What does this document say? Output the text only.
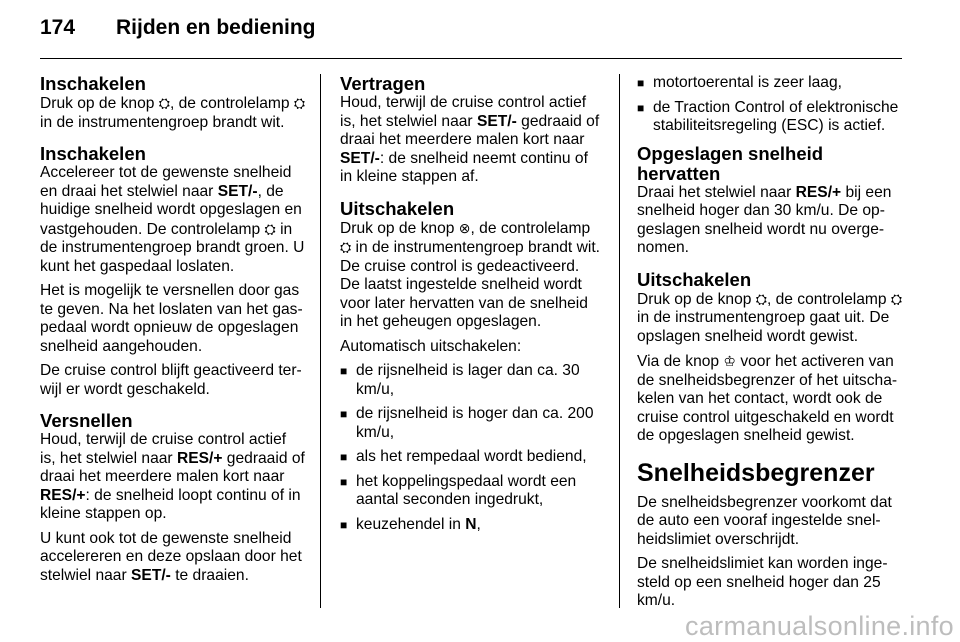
174 Rijden en bediening
Inschakelen

Druk op de knop ⛭, de controlelamp ⛭ in de instrumentengroep brandt wit.

Inschakelen

Accelereer tot de gewenste snelheid en draai het stelwiel naar SET/-, de huidige snelheid wordt opgeslagen en vastgehouden. De controlelamp ⛭ in de instrumentengroep brandt groen. U kunt het gaspedaal loslaten.

Het is mogelijk te versnellen door gas te geven. Na het loslaten van het gaspedaal wordt opnieuw de opgeslagen snelheid aangehouden.

De cruise control blijft geactiveerd terwijl er wordt geschakeld.

Versnellen

Houd, terwijl de cruise control actief is, het stelwiel naar RES/+ gedraaid of draai het meerdere malen kort naar RES/+: de snelheid loopt continu of in kleine stappen op.

U kunt ook tot de gewenste snelheid accelereren en deze opslaan door het stelwiel naar SET/- te draaien.

Vertragen

Houd, terwijl de cruise control actief is, het stelwiel naar SET/- gedraaid of draai het meerdere malen kort naar SET/-: de snelheid neemt continu of in kleine stappen af.

Uitschakelen

Druk op de knop ⊗, de controlelamp ⛭ in de instrumentengroep brandt wit. De cruise control is gedeactiveerd. De laatst ingestelde snelheid wordt voor later hervatten van de snelheid in het geheugen opgeslagen.

Automatisch uitschakelen:

■ de rijsnelheid is lager dan ca. 30 km/u,
■ de rijsnelheid is hoger dan ca. 200 km/u,
■ als het rempedaal wordt bediend,
■ het koppelingspedaal wordt een aantal seconden ingedrukt,
■ keuzehendel in N,
■ motortoerental is zeer laag,
■ de Traction Control of elektronische stabiliteitsregeling (ESC) is actief.
Opgeslagen snelheid hervatten

Draai het stelwiel naar RES/+ bij een snelheid hoger dan 30 km/u. De opgeslagen snelheid wordt nu overgenomen.

Uitschakelen

Druk op de knop ⛭, de controlelamp ⛭ in de instrumentengroep gaat uit. De opslagen snelheid wordt gewist.

Via de knop ♔ voor het activeren van de snelheidsbegrenzer of het uitschakelen van het contact, wordt ook de cruise control uitgeschakeld en wordt de opgeslagen snelheid gewist.

Snelheidsbegrenzer

De snelheidsbegrenzer voorkomt dat de auto een vooraf ingestelde snelheidslimiet overschrijdt.

De snelheidslimiet kan worden ingesteld op een snelheid hoger dan 25 km/u.

carmanualsonline.info
